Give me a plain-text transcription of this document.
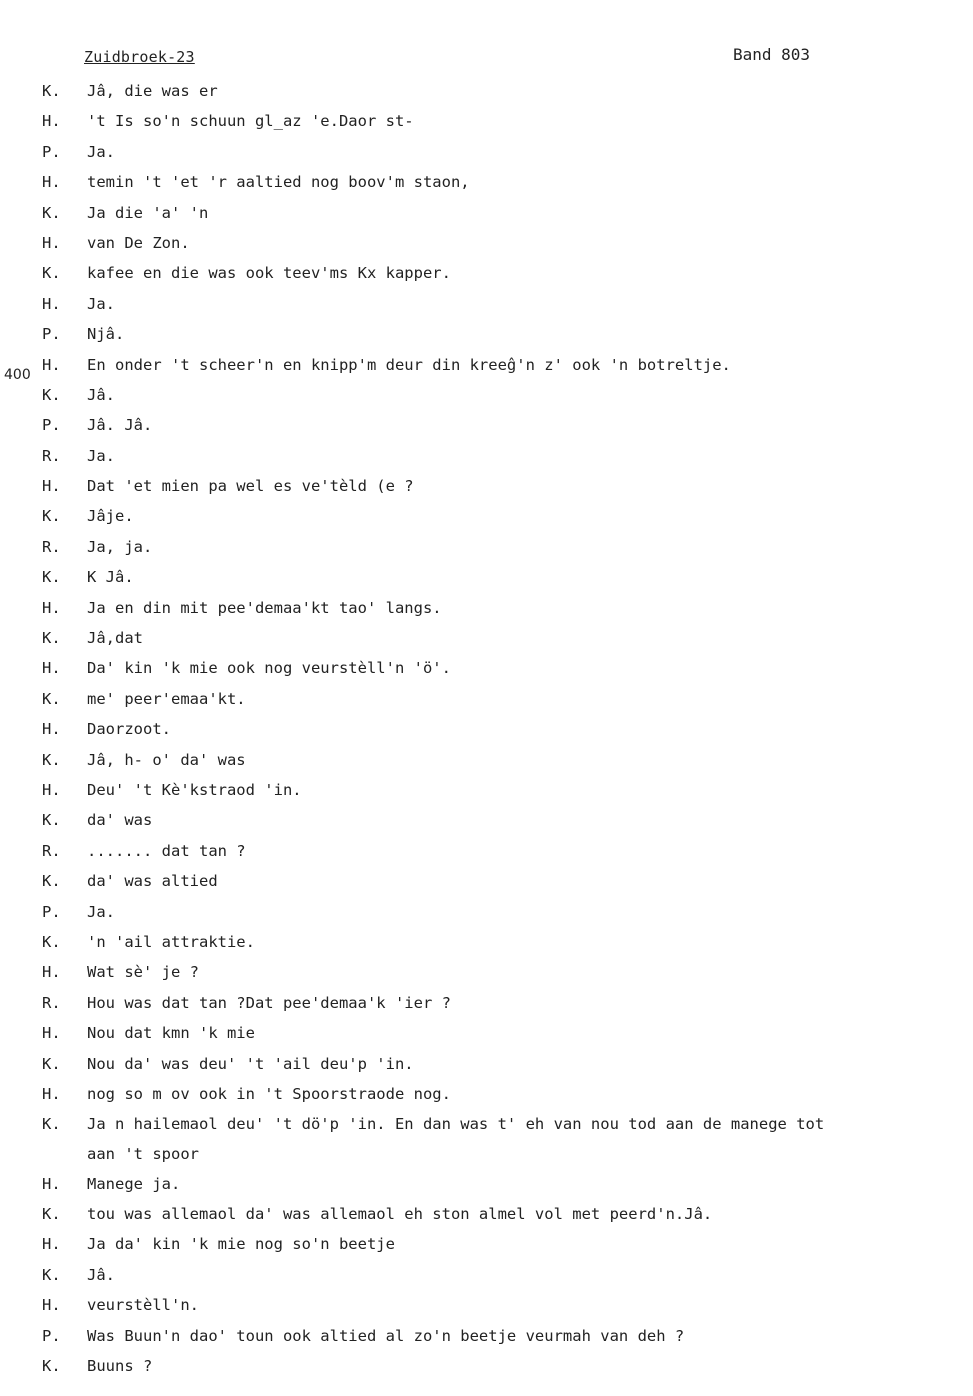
Zuidbroek-23	Band 803
400
K. Jâ, die was er
H. 't Is so'n schuun gl_az 'e.Daor st-
P. Ja.
H. temin 't 'et 'r aaltied nog boov'm staon,
K. Ja die 'a' 'n
H. van De Zon.
K. kafee en die was ook teev'ms Kx kapper.
H. Ja.
P. Njâ.
H. En onder 't scheer'n en knipp'm deur din kreeĝ'n z' ook 'n botreltje.
K. Jâ.
P. Jâ. Jâ.
R. Ja.
H. Dat 'et mien pa wel es ve'tèld (e ?
K. Jâje.
R. Ja, ja.
K. K Jâ.
H. Ja en din mit pee'demaa'kt tao' langs.
K. Jâ,dat
H. Da' kin 'k mie ook nog veurstèll'n 'ö'.
K. me' peer'emaa'kt.
H. Daorzoot.
K. Jâ, h- o' da' was
H. Deu' 't Kè'kstraod 'in.
K. da' was
R. ....... dat tan ?
K. da' was altied
P. Ja.
K. 'n 'ail attraktie.
H. Wat sè' je ?
R. Hou was dat tan ?Dat pee'demaa'k 'ier ?
H. Nou dat kmn 'k mie
K. Nou da' was deu' 't 'ail deu'p 'in.
H. nog so m ov ook in 't Spoorstraode nog.
K. Ja n hailemaol deu' 't dö'p 'in. En dan was t' eh van nou tod aan de manege tot
aan 't spoor
H. Manege ja.
K. tou was allemaol da' was allemaol eh ston almel vol met peerd'n.Jâ.
H. Ja da' kin 'k mie nog so'n beetje
K. Jâ.
H. veurstèll'n.
P. Was Buun'n dao' toun ook altied al zo'n beetje veurmah van deh ?
K. Buuns ?
